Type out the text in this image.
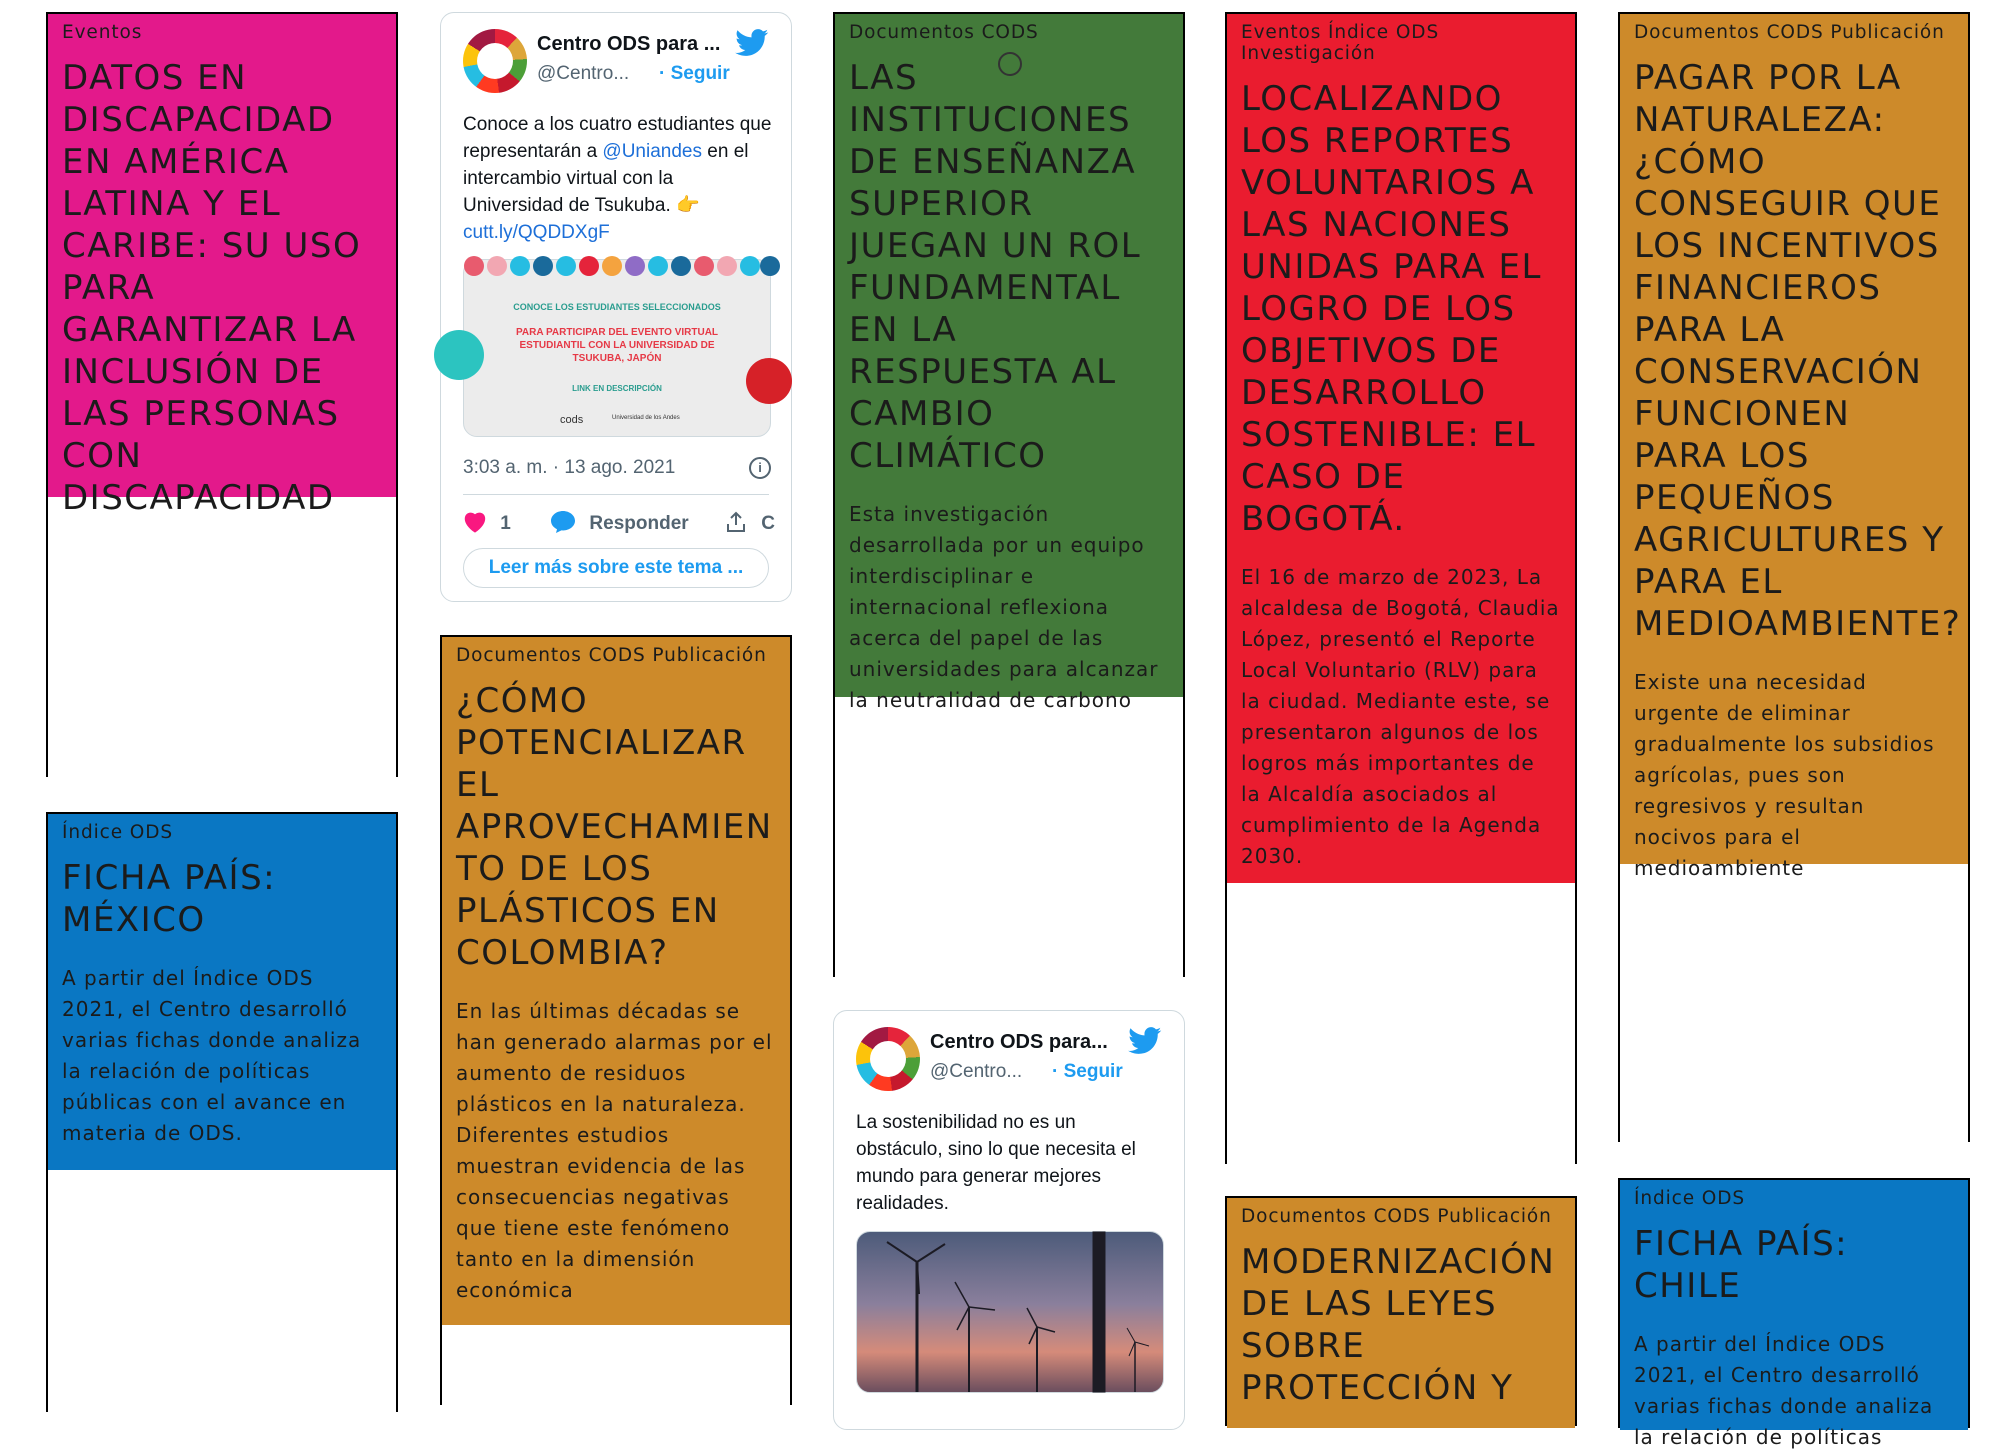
Eventos
DATOS EN DISCAPACIDAD EN AMÉRICA LATINA Y EL CARIBE: SU USO PARA GARANTIZAR LA INCLUSIÓN DE LAS PERSONAS CON DISCAPACIDAD
Índice ODS
FICHA PAÍS: MÉXICO

A partir del Índice ODS 2021, el Centro desarrolló varias fichas donde analiza la relación de políticas públicas con el avance en materia de ODS.

Centro ODS para ...
@Centro... · Seguir
Conoce a los cuatro estudiantes que representarán a @Uniandes en el intercambio virtual con la Universidad de Tsukuba. 👉
cutt.ly/QQDDXgF
CONOCE LOS ESTUDIANTES SELECCIONADOS
PARA PARTICIPAR DEL EVENTO VIRTUAL ESTUDIANTIL CON LA UNIVERSIDAD DE TSUKUBA, JAPÓN
LINK EN DESCRIPCIÓN
cods	Universidad de los Andes
3:03 a. m. · 13 ago. 2021	i
1	Responder	C
Leer más sobre este tema ...
Documentos CODS Publicación
¿CÓMO POTENCIALIZAR EL APROVECHAMIEN TO DE LOS PLÁSTICOS EN COLOMBIA?

En las últimas décadas se han generado alarmas por el aumento de residuos plásticos en la naturaleza. Diferentes estudios muestran evidencia de las consecuencias negativas que tiene este fenómeno tanto en la dimensión económica

Documentos CODS
LAS INSTITUCIONES DE ENSEÑANZA SUPERIOR JUEGAN UN ROL FUNDAMENTAL EN LA RESPUESTA AL CAMBIO CLIMÁTICO

Esta investigación desarrollada por un equipo interdisciplinar e internacional reflexiona acerca del papel de las universidades para alcanzar la neutralidad de carbono

Centro ODS para...
@Centro... · Seguir
La sostenibilidad no es un obstáculo, sino lo que necesita el mundo para generar mejores realidades.
Eventos Índice ODS Investigación
LOCALIZANDO LOS REPORTES VOLUNTARIOS A LAS NACIONES UNIDAS PARA EL LOGRO DE LOS OBJETIVOS DE DESARROLLO SOSTENIBLE: EL CASO DE BOGOTÁ.

El 16 de marzo de 2023, La alcaldesa de Bogotá, Claudia López, presentó el Reporte Local Voluntario (RLV) para la ciudad. Mediante este, se presentaron algunos de los logros más importantes de la Alcaldía asociados al cumplimiento de la Agenda 2030.

Documentos CODS Publicación
MODERNIZACIÓN DE LAS LEYES SOBRE PROTECCIÓN Y
Documentos CODS Publicación
PAGAR POR LA NATURALEZA: ¿CÓMO CONSEGUIR QUE LOS INCENTIVOS FINANCIEROS PARA LA CONSERVACIÓN FUNCIONEN PARA LOS PEQUEÑOS AGRICULTURES Y PARA EL MEDIOAMBIENTE?

Existe una necesidad urgente de eliminar gradualmente los subsidios agrícolas, pues son regresivos y resultan nocivos para el medioambiente

Índice ODS
FICHA PAÍS: CHILE

A partir del Índice ODS 2021, el Centro desarrolló varias fichas donde analiza la relación de políticas
